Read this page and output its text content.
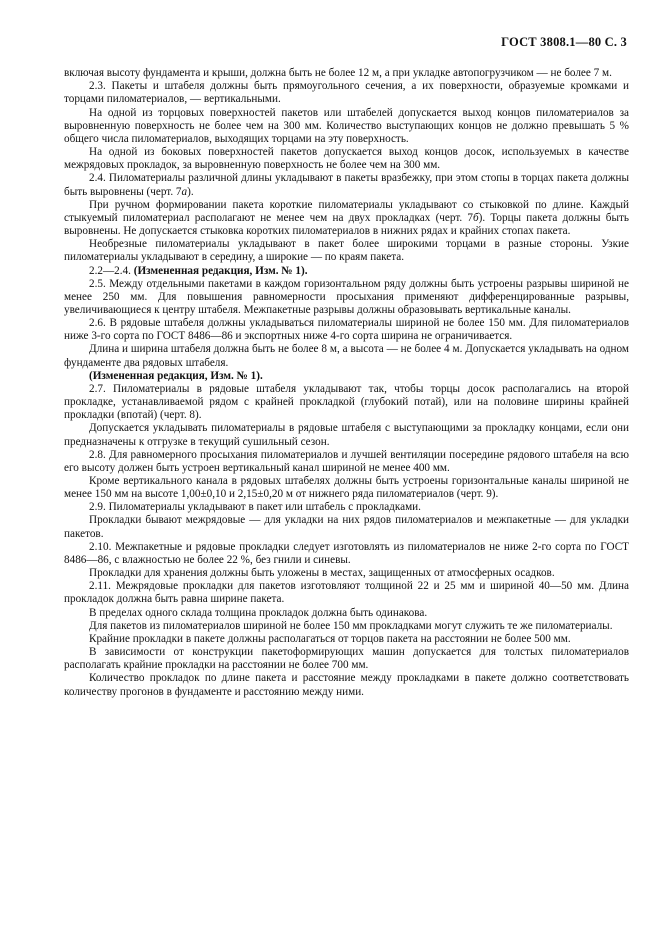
ГОСТ 3808.1—80 С. 3

включая высоту фундамента и крыши, должна быть не более 12 м, а при укладке автопогрузчиком — не более 7 м.

2.3. Пакеты и штабеля должны быть прямоугольного сечения, а их поверхности, образуемые кромками и торцами пиломатериалов, — вертикальными.

На одной из торцовых поверхностей пакетов или штабелей допускается выход концов пиломатериалов за выровненную поверхность не более чем на 300 мм. Количество выступающих концов не должно превышать 5 % общего числа пиломатериалов, выходящих торцами на эту поверхность.

На одной из боковых поверхностей пакетов допускается выход концов досок, используемых в качестве межрядовых прокладок, за выровненную поверхность не более чем на 300 мм.

2.4. Пиломатериалы различной длины укладывают в пакеты вразбежку, при этом стопы в торцах пакета должны быть выровнены (черт. 7а).

При ручном формировании пакета короткие пиломатериалы укладывают со стыковкой по длине. Каждый стыкуемый пиломатериал располагают не менее чем на двух прокладках (черт. 7б). Торцы пакета должны быть выровнены. Не допускается стыковка коротких пиломатериалов в нижних рядах и крайних стопах пакета.

Необрезные пиломатериалы укладывают в пакет более широкими торцами в разные стороны. Узкие пиломатериалы укладывают в середину, а широкие — по краям пакета.

2.2—2.4. (Измененная редакция, Изм. № 1).

2.5. Между отдельными пакетами в каждом горизонтальном ряду должны быть устроены разрывы шириной не менее 250 мм. Для повышения равномерности просыхания применяют дифференцированные разрывы, увеличивающиеся к центру штабеля. Межпакетные разрывы должны образовывать вертикальные каналы.

2.6. В рядовые штабеля должны укладываться пиломатериалы шириной не более 150 мм. Для пиломатериалов ниже 3-го сорта по ГОСТ 8486—86 и экспортных ниже 4-го сорта ширина не ограничивается.

Длина и ширина штабеля должна быть не более 8 м, а высота — не более 4 м. Допускается укладывать на одном фундаменте два рядовых штабеля.

(Измененная редакция, Изм. № 1).

2.7. Пиломатериалы в рядовые штабеля укладывают так, чтобы торцы досок располагались на второй прокладке, устанавливаемой рядом с крайней прокладкой (глубокий потай), или на половине ширины крайней прокладки (впотай) (черт. 8).

Допускается укладывать пиломатериалы в рядовые штабеля с выступающими за прокладку концами, если они предназначены к отгрузке в текущий сушильный сезон.

2.8. Для равномерного просыхания пиломатериалов и лучшей вентиляции посередине рядового штабеля на всю его высоту должен быть устроен вертикальный канал шириной не менее 400 мм.

Кроме вертикального канала в рядовых штабелях должны быть устроены горизонтальные каналы шириной не менее 150 мм на высоте 1,00±0,10 и 2,15±0,20 м от нижнего ряда пиломатериалов (черт. 9).

2.9. Пиломатериалы укладывают в пакет или штабель с прокладками.

Прокладки бывают межрядовые — для укладки на них рядов пиломатериалов и межпакетные — для укладки пакетов.

2.10. Межпакетные и рядовые прокладки следует изготовлять из пиломатериалов не ниже 2-го сорта по ГОСТ 8486—86, с влажностью не более 22 %, без гнили и синевы.

Прокладки для хранения должны быть уложены в местах, защищенных от атмосферных осадков.

2.11. Межрядовые прокладки для пакетов изготовляют толщиной 22 и 25 мм и шириной 40—50 мм. Длина прокладок должна быть равна ширине пакета.

В пределах одного склада толщина прокладок должна быть одинакова.

Для пакетов из пиломатериалов шириной не более 150 мм прокладками могут служить те же пиломатериалы.

Крайние прокладки в пакете должны располагаться от торцов пакета на расстоянии не более 500 мм.

В зависимости от конструкции пакетоформирующих машин допускается для толстых пиломатериалов располагать крайние прокладки на расстоянии не более 700 мм.

Количество прокладок по длине пакета и расстояние между прокладками в пакете должно соответствовать количеству прогонов в фундаменте и расстоянию между ними.
